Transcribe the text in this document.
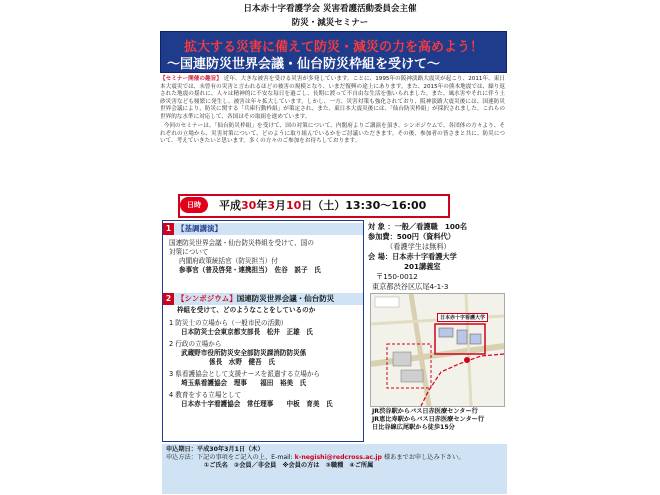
日本赤十字看護学会 災害看護活動委員会主催
防災・減災セミナー
拡大する災害に備えて防災・減災の力を高めよう！
〜国連防災世界会議・仙台防災枠組を受けて〜

【セミナー開催の趣旨】 近年、大きな被害を受ける災害が多発しています。ことに、1995年の阪神淡路大震災が起こり、2011年、東日本大震災では、未曾有の災害と言われるほどの被害の規模となり、いまだ復興の途上にあります。また、2015年の熊本地震では、繰り返された地震の揺れに、人々は精神的に不安な毎日を過ごし、長期に渡って不自由な生活を強いられました。また、風水害やそれに伴う土砂災害なども頻繁に発生し、被害は年々拡大しています。しかし、一方、災害対策も強化されており、阪神淡路大震災後には、国連防災世界会議により、防災に関する「兵庫行動枠組」が策定され、また、東日本大震災後には、「仙台防災枠組」が採択されました。これらの世界的な水準に対応して、各国はその取組を進めています。

今回のセミナーは、「仙台防災枠組」を受けて、国の対策について、内閣府よりご講演を頂き、シンポジウムで、各団体の方々より、それぞれの立場から、災害対策について、どのように取り組んでいるかをご討議いただきます。その後、参加者の皆さまと共に、防災について、考えていきたいと思います。多くの方々のご参加をお待ちしております。

日時	平成30年3月10日（土）13:30〜16:00
1 【基調講演】
国連防災世界会議・仙台防災枠組を受けて、国の
対策について
内閣府政策統括官（防災担当）付
参事官（普及啓発・連携担当）　佐谷　説子　氏
2 【シンポジウム】国連防災世界会議・仙台防災
枠組を受けて、どのようなことをしているのか
1 防災士の立場から（一般市民の活動）
日本防災士会東京都支部長　松井　正雄　氏
2 行政の立場から
武蔵野市役所防災安全部防災課消防防災係
係長　水野　健吾　氏
3 県看護協会として支援ナースを派遣する立場から
埼玉県看護協会　理事　　福田　裕美　氏
4 教育をする立場として
日本赤十字看護協会　常任理事　　中板　育美　氏
対 象 ：一般／看護職　100名
参加費：500円（資料代）
（看護学生は無料）
会 場：日本赤十字看護大学
201講義室
〒150-0012
東京都渋谷区広尾4-1-3
日本赤十字看護大学
JR渋谷駅からバス日赤医療センター行
JR恵比寿駅からバス日赤医療センター行
日比谷線広尾駅から徒歩15分
申込期日：平成30年3月1日（木）
申込方法：下記の事項をご記入の上、E-mail: k-negishi@redcross.ac.jp 様あまでお申し込み下さい。
①ご氏名　②会員／非会員　※会員の方は　③職種　④ご所属
